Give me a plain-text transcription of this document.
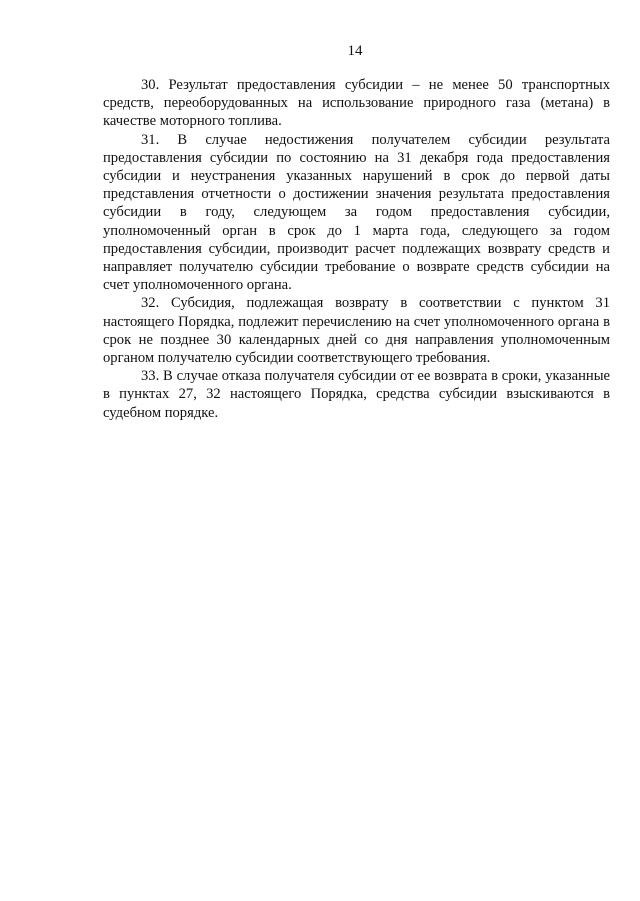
14

30. Результат предоставления субсидии – не менее 50 транспортных средств, переоборудованных на использование природного газа (метана) в качестве моторного топлива.

31. В случае недостижения получателем субсидии результата предоставления субсидии по состоянию на 31 декабря года предоставления субсидии и неустранения указанных нарушений в срок до первой даты представления отчетности о достижении значения результата предоставления субсидии в году, следующем за годом предоставления субсидии, уполномоченный орган в срок до 1 марта года, следующего за годом предоставления субсидии, производит расчет подлежащих возврату средств и направляет получателю субсидии требование о возврате средств субсидии на счет уполномоченного органа.

32. Субсидия, подлежащая возврату в соответствии с пунктом 31 настоящего Порядка, подлежит перечислению на счет уполномоченного органа в срок не позднее 30 календарных дней со дня направления уполномоченным органом получателю субсидии соответствующего требования.

33. В случае отказа получателя субсидии от ее возврата в сроки, указанные в пунктах 27, 32 настоящего Порядка, средства субсидии взыскиваются в судебном порядке.
